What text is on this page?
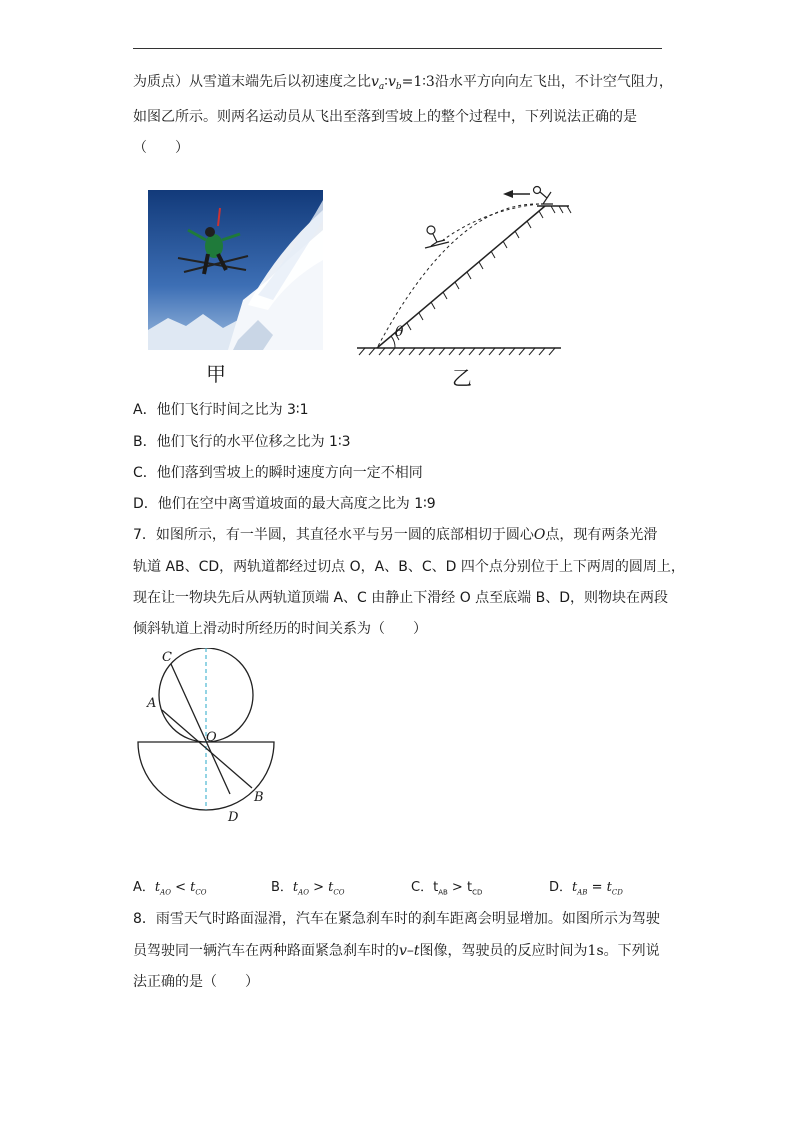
为质点）从雪道末端先后以初速度之比$v_a∶v_b=1∶3$沿水平方向向左飞出，不计空气阻力，
如图乙所示。则两名运动员从飞出至落到雪坡上的整个过程中，下列说法正确的是
（　　）
甲
θ
乙
A．他们飞行时间之比为 3∶1
B．他们飞行的水平位移之比为 1∶3
C．他们落到雪坡上的瞬时速度方向一定不相同
D．他们在空中离雪道坡面的最大高度之比为 1∶9
7．如图所示，有一半圆，其直径水平与另一圆的底部相切于圆心O点，现有两条光滑
轨道 AB、CD，两轨道都经过切点 O，A、B、C、D 四个点分别位于上下两周的圆周上，
现在让一物块先后从两轨道顶端 A、C 由静止下滑经 O 点至底端 B、D，则物块在两段
倾斜轨道上滑动时所经历的时间关系为（　　）
C
A
O
B
D
A．$t_{AO} < t_{CO}$	B．$t_{AO} > t_{CO}$	C．$t_{AB} > t_{CD}$	D．$t_{AB} = t_{CD}$
8．雨雪天气时路面湿滑，汽车在紧急刹车时的刹车距离会明显增加。如图所示为驾驶
员驾驶同一辆汽车在两种路面紧急刹车时的v–t图像，驾驶员的反应时间为1s。下列说
法正确的是（　　）
